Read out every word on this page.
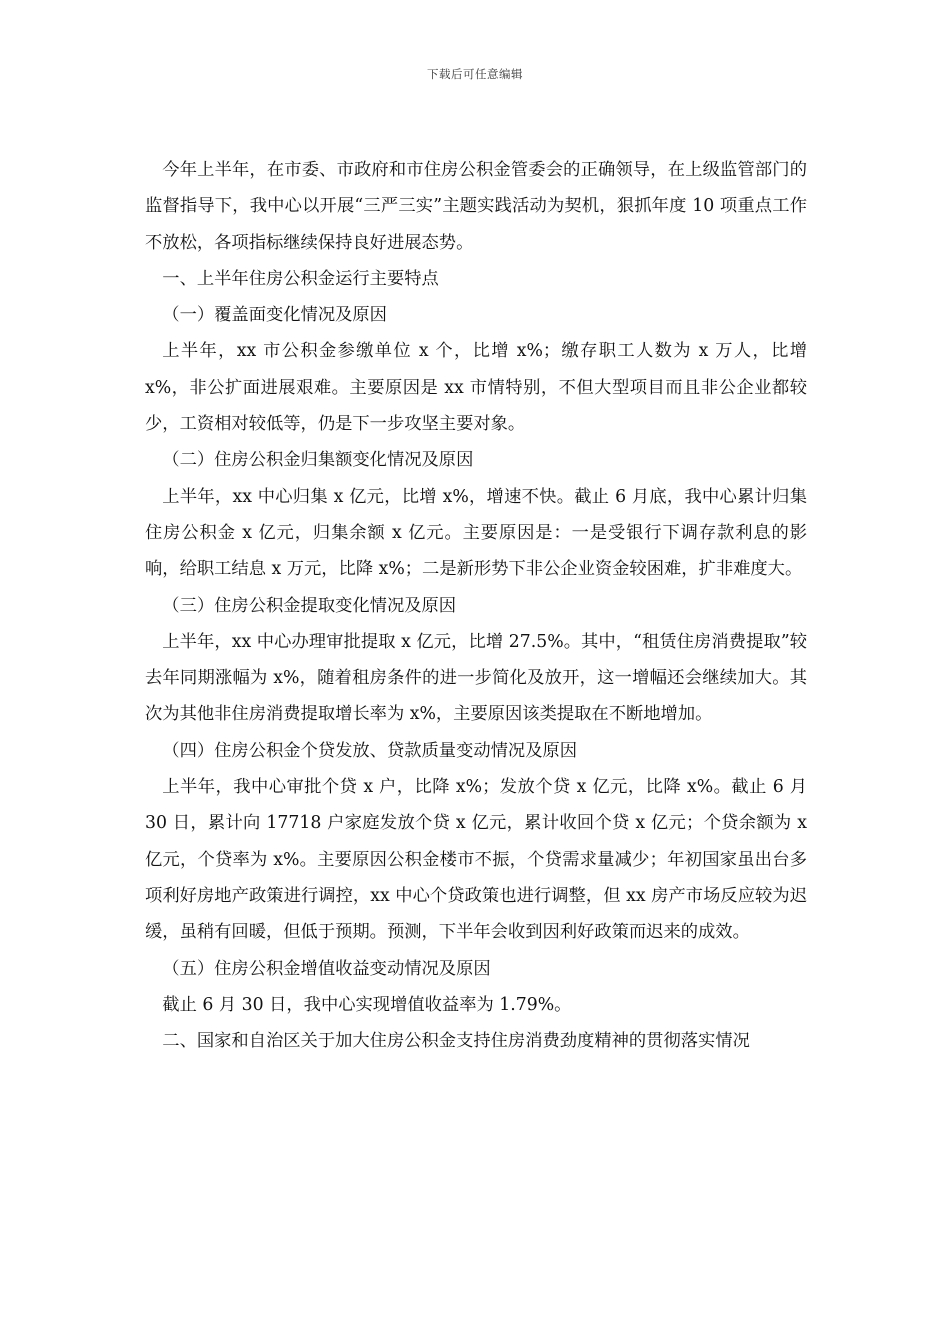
下载后可任意编辑

今年上半年，在市委、市政府和市住房公积金管委会的正确领导，在上级监管部门的监督指导下，我中心以开展“三严三实”主题实践活动为契机，狠抓年度 10 项重点工作不放松，各项指标继续保持良好进展态势。

一、上半年住房公积金运行主要特点

（一）覆盖面变化情况及原因

上半年，xx 市公积金参缴单位 x 个，比增 x%；缴存职工人数为 x 万人，比增 x%，非公扩面进展艰难。主要原因是 xx 市情特别，不但大型项目而且非公企业都较少，工资相对较低等，仍是下一步攻坚主要对象。

（二）住房公积金归集额变化情况及原因

上半年，xx 中心归集 x 亿元，比增 x%，增速不快。截止 6 月底，我中心累计归集住房公积金 x 亿元，归集余额 x 亿元。主要原因是：一是受银行下调存款利息的影响，给职工结息 x 万元，比降 x%；二是新形势下非公企业资金较困难，扩非难度大。

（三）住房公积金提取变化情况及原因

上半年，xx 中心办理审批提取 x 亿元，比增 27.5%。其中，“租赁住房消费提取”较去年同期涨幅为 x%，随着租房条件的进一步简化及放开，这一增幅还会继续加大。其次为其他非住房消费提取增长率为 x%，主要原因该类提取在不断地增加。

（四）住房公积金个贷发放、贷款质量变动情况及原因

上半年，我中心审批个贷 x 户，比降 x%；发放个贷 x 亿元，比降 x%。截止 6 月 30 日，累计向 17718 户家庭发放个贷 x 亿元，累计收回个贷 x 亿元；个贷余额为 x 亿元，个贷率为 x%。主要原因公积金楼市不振，个贷需求量减少；年初国家虽出台多项利好房地产政策进行调控，xx 中心个贷政策也进行调整，但 xx 房产市场反应较为迟缓，虽稍有回暖，但低于预期。预测，下半年会收到因利好政策而迟来的成效。

（五）住房公积金增值收益变动情况及原因

截止 6 月 30 日，我中心实现增值收益率为 1.79%。

二、国家和自治区关于加大住房公积金支持住房消费劲度精神的贯彻落实情况
